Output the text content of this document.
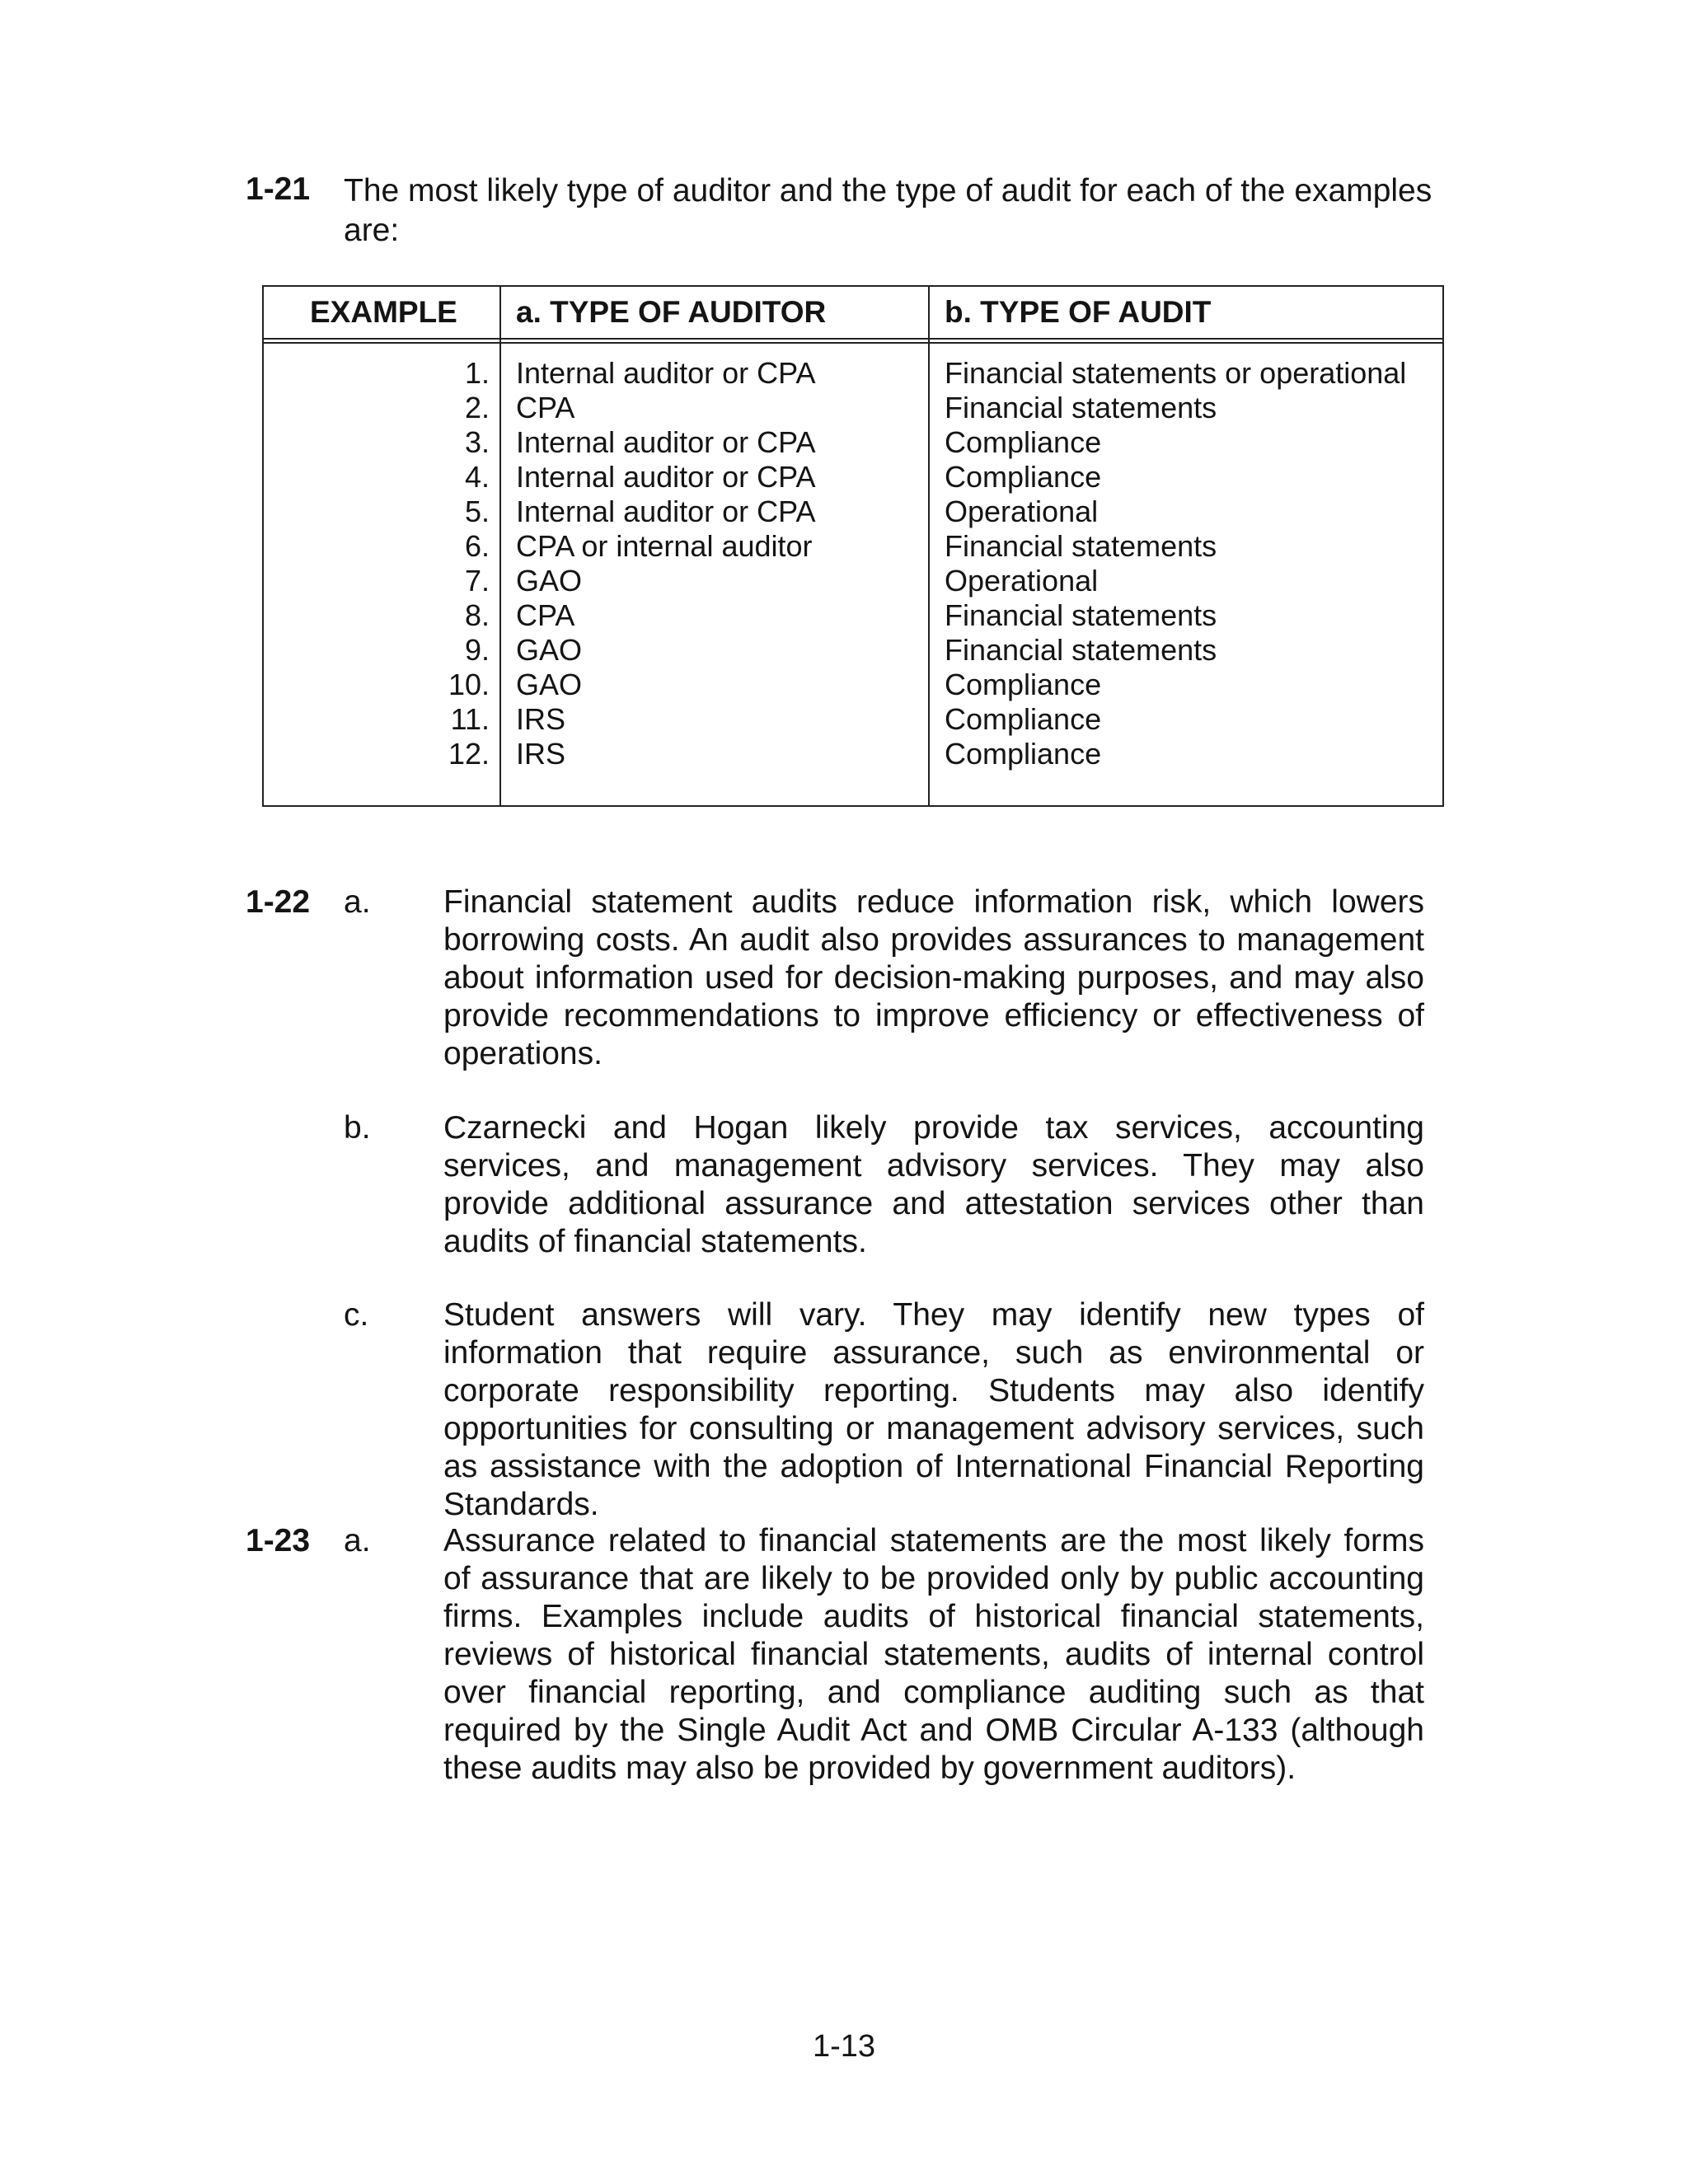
1-21 The most likely type of auditor and the type of audit for each of the examples are:
EXAMPLE a. TYPE OF AUDITOR	b. TYPE OF AUDIT
1.
2.
3.
4.
5.
6.
7.
8.
9.
10.
11.
12.
Internal auditor or CPA
CPA
Internal auditor or CPA
Internal auditor or CPA
Internal auditor or CPA
CPA or internal auditor
GAO
CPA
GAO
GAO
IRS
IRS
Financial statements or operational
Financial statements
Compliance
Compliance
Operational
Financial statements
Operational
Financial statements
Financial statements
Compliance
Compliance
Compliance
1-22 a. Financial statement audits reduce information risk, which lowers borrowing costs. An audit also provides assurances to management about information used for decision-making purposes, and may also provide recommendations to improve efficiency or effectiveness of operations.
b. Czarnecki and Hogan likely provide tax services, accounting services, and management advisory services. They may also provide additional assurance and attestation services other than audits of financial statements.
c. Student answers will vary. They may identify new types of information that require assurance, such as environmental or corporate responsibility reporting. Students may also identify opportunities for consulting or management advisory services, such as assistance with the adoption of International Financial Reporting Standards.
1-23 a. Assurance related to financial statements are the most likely forms of assurance that are likely to be provided only by public accounting firms. Examples include audits of historical financial statements, reviews of historical financial statements, audits of internal control over financial reporting, and compliance auditing such as that required by the Single Audit Act and OMB Circular A-133 (although these audits may also be provided by government auditors).
1-13
